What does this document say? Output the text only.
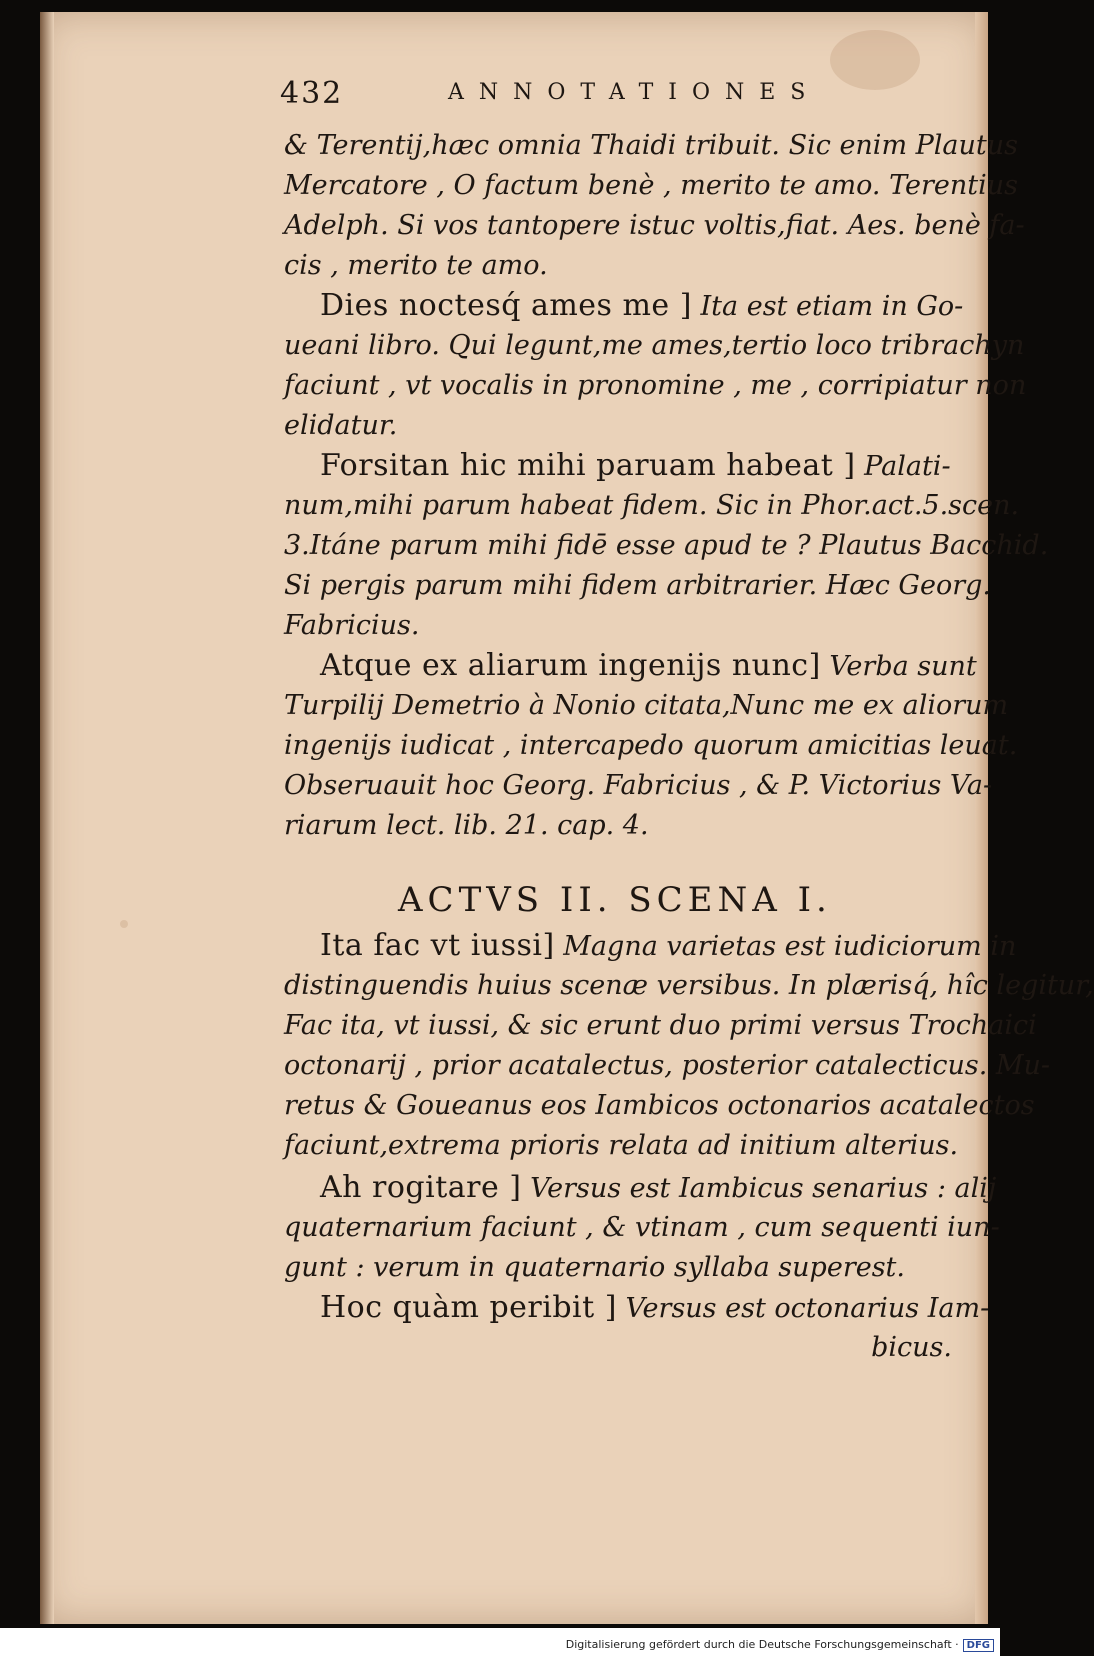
432	ANNOTATIONES
& Terentij,hæc omnia Thaidi tribuit. Sic enim Plautus
Mercatore , O factum benè , merito te amo. Terentius
Adelph. Si vos tantopere istuc voltis,fiat. Aes. benè fa-
cis , merito te amo.
Dies noctesq́ ames me ] Ita est etiam in Go-
ueani libro. Qui legunt,me ames,tertio loco tribrachyn
faciunt , vt vocalis in pronomine , me , corripiatur non
elidatur.
Forsitan hic mihi paruam habeat ] Palati-
num,mihi parum habeat fidem. Sic in Phor.act.5.scen.
3.Itáne parum mihi fidē esse apud te ? Plautus Bacchid.
Si pergis parum mihi fidem arbitrarier. Hæc Georg.
Fabricius.
Atque ex aliarum ingenijs nunc] Verba sunt
Turpilij Demetrio à Nonio citata,Nunc me ex aliorum
ingenijs iudicat , intercapedo quorum amicitias leuat.
Obseruauit hoc Georg. Fabricius , & P. Victorius Va-
riarum lect. lib. 21. cap. 4.
ACTVS II. SCENA I.
Ita fac vt iussi] Magna varietas est iudiciorum in
distinguendis huius scenæ versibus. In plærisq́, hîc legitur,
Fac ita, vt iussi, & sic erunt duo primi versus Trochaici
octonarij , prior acatalectus, posterior catalecticus. Mu-
retus & Goueanus eos Iambicos octonarios acatalectos
faciunt,extrema prioris relata ad initium alterius.
Ah rogitare ] Versus est Iambicus senarius : alij
quaternarium faciunt , & vtinam , cum sequenti iun-
gunt : verum in quaternario syllaba superest.
Hoc quàm peribit ] Versus est octonarius Iam-
bicus.
Digitalisierung gefördert durch die Deutsche Forschungsgemeinschaft · DFG
